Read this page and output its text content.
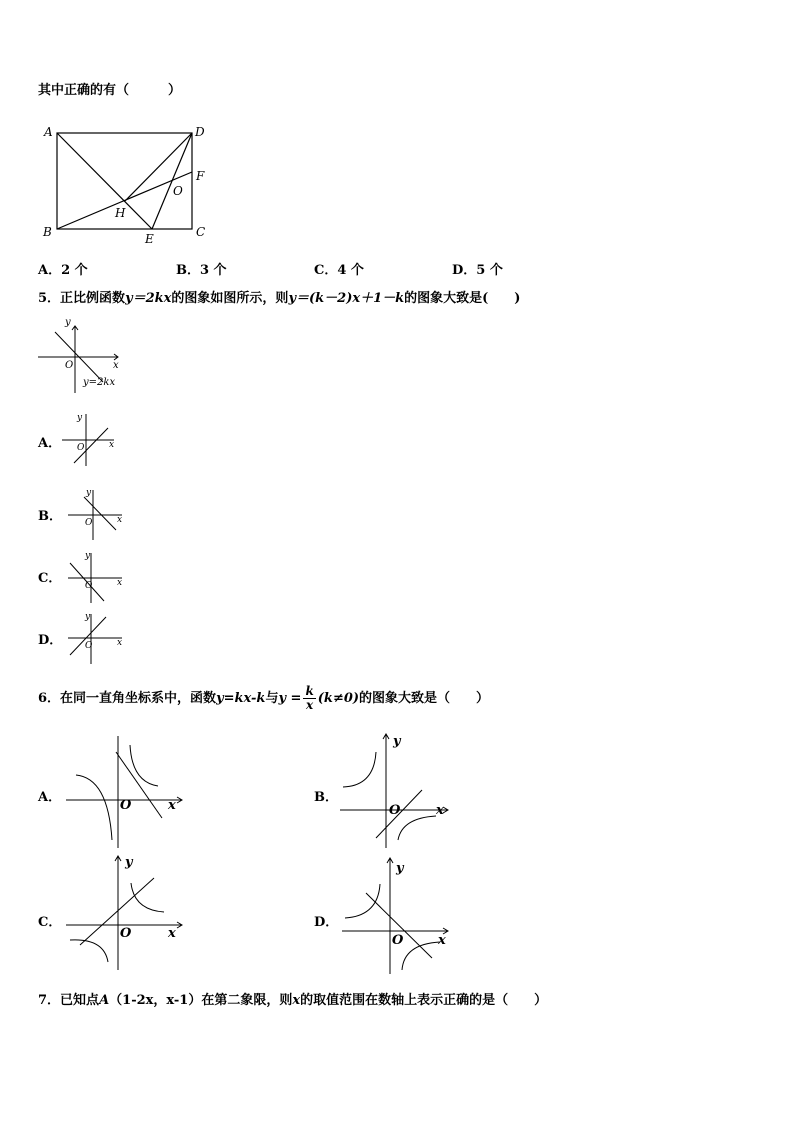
其中正确的有（　　　）
A	D
F
O
H
B	E	C
A．2 个	B．3 个	C．4 个	D．5 个
5．正比例函数y＝2kx的图象如图所示，则y＝(k－2)x＋1－k的图象大致是(　　)
y
x
O
y=2kx
A．
B．
C．
D．
y
x
O
y
x
O
y
x
O
y
x
O
6．在同一直角坐标系中，函数y=kx-k与$y = \frac{k}{x} (k\ne 0)$的图象大致是（　　）
A．	B．
C．	D．
O	x
y
O	x
y
O	x
y
O	x
7．已知点A（1-2x，x-1）在第二象限，则x的取值范围在数轴上表示正确的是（　　）
